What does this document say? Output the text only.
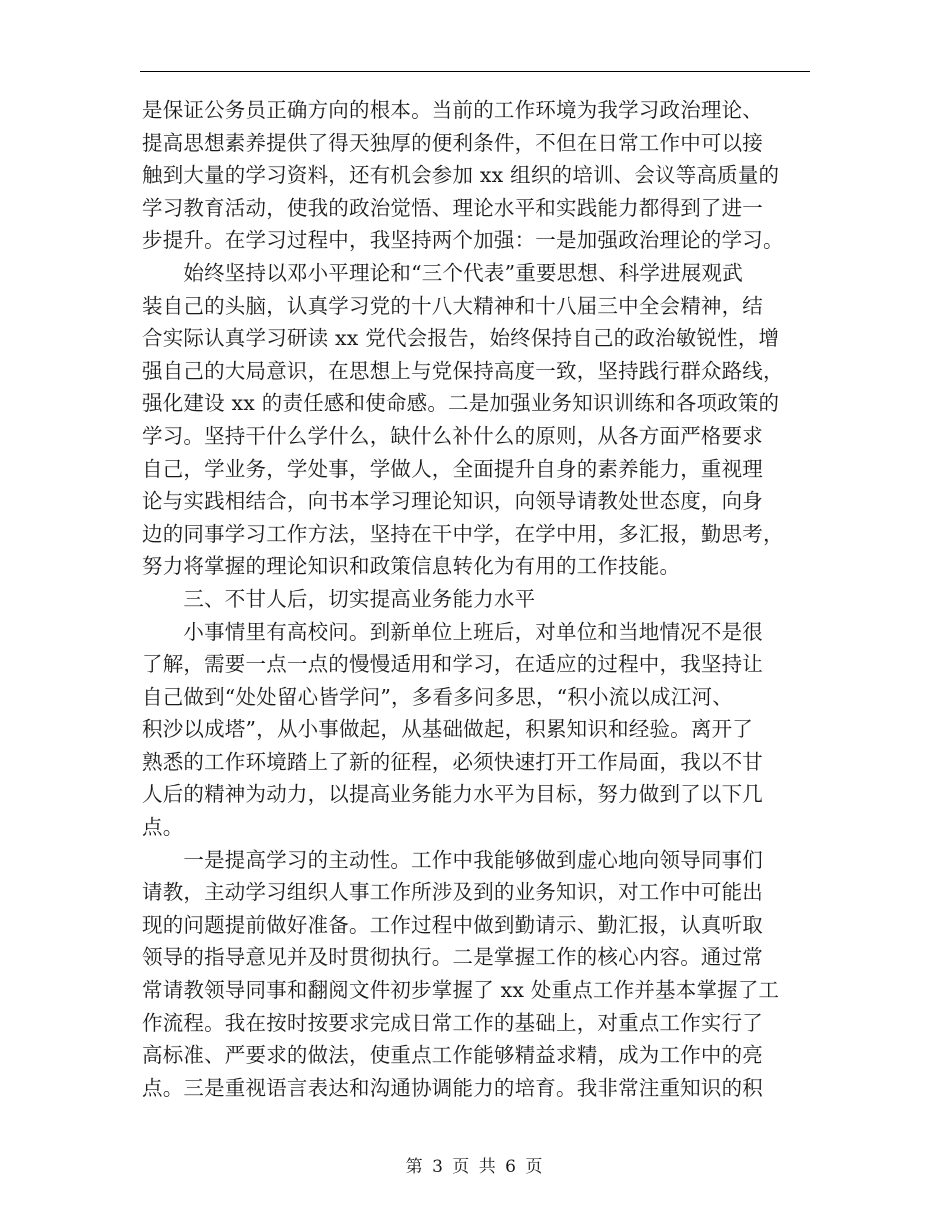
是保证公务员正确方向的根本。当前的工作环境为我学习政治理论、
提高思想素养提供了得天独厚的便利条件，不但在日常工作中可以接
触到大量的学习资料，还有机会参加 xx 组织的培训、会议等高质量的
学习教育活动，使我的政治觉悟、理论水平和实践能力都得到了进一
步提升。在学习过程中，我坚持两个加强：一是加强政治理论的学习。
　　始终坚持以邓小平理论和“三个代表”重要思想、科学进展观武
装自己的头脑，认真学习党的十八大精神和十八届三中全会精神，结
合实际认真学习研读 xx 党代会报告，始终保持自己的政治敏锐性，增
强自己的大局意识，在思想上与党保持高度一致，坚持践行群众路线，
强化建设 xx 的责任感和使命感。二是加强业务知识训练和各项政策的
学习。坚持干什么学什么，缺什么补什么的原则，从各方面严格要求
自己，学业务，学处事，学做人，全面提升自身的素养能力，重视理
论与实践相结合，向书本学习理论知识，向领导请教处世态度，向身
边的同事学习工作方法，坚持在干中学，在学中用，多汇报，勤思考，
努力将掌握的理论知识和政策信息转化为有用的工作技能。
　　三、不甘人后，切实提高业务能力水平
　　小事情里有高校问。到新单位上班后，对单位和当地情况不是很
了解，需要一点一点的慢慢适用和学习，在适应的过程中，我坚持让
自己做到“处处留心皆学问”，多看多问多思，“积小流以成江河、
积沙以成塔”，从小事做起，从基础做起，积累知识和经验。离开了
熟悉的工作环境踏上了新的征程，必须快速打开工作局面，我以不甘
人后的精神为动力，以提高业务能力水平为目标，努力做到了以下几
点。
　　一是提高学习的主动性。工作中我能够做到虚心地向领导同事们
请教，主动学习组织人事工作所涉及到的业务知识，对工作中可能出
现的问题提前做好准备。工作过程中做到勤请示、勤汇报，认真听取
领导的指导意见并及时贯彻执行。二是掌握工作的核心内容。通过常
常请教领导同事和翻阅文件初步掌握了 xx 处重点工作并基本掌握了工
作流程。我在按时按要求完成日常工作的基础上，对重点工作实行了
高标准、严要求的做法，使重点工作能够精益求精，成为工作中的亮
点。三是重视语言表达和沟通协调能力的培育。我非常注重知识的积
第 3 页 共 6 页
